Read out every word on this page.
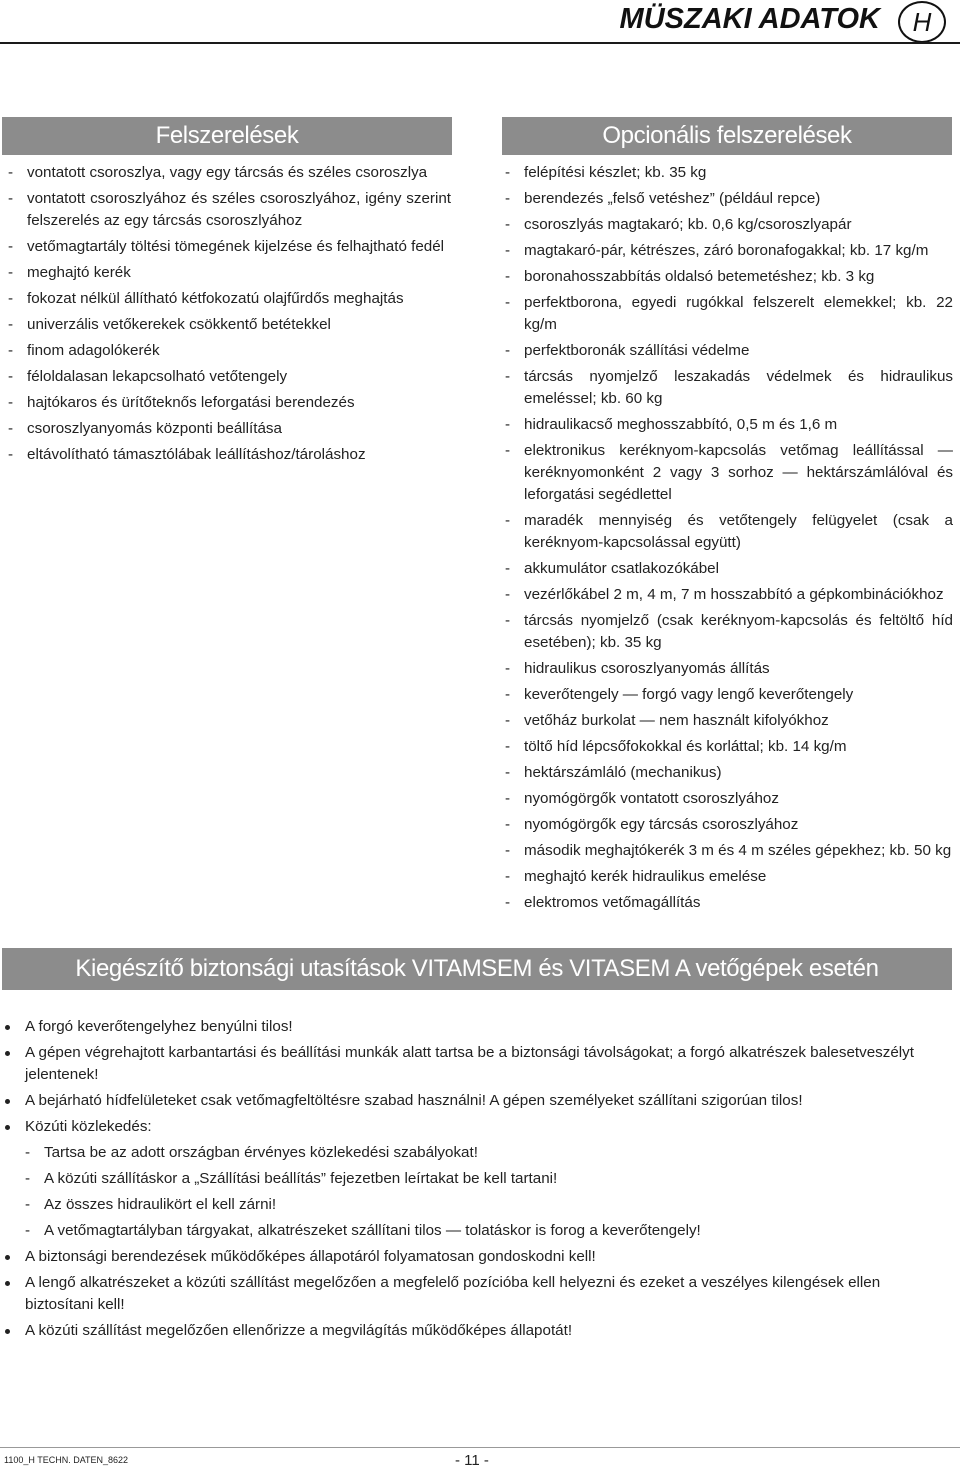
MÜSZAKI ADATOK	H
Felszerelések
- vontatott csoroszlya, vagy egy tárcsás és széles csoroszlya
- vontatott csoroszlyához és széles csoroszlyához, igény szerint felszerelés az egy tárcsás csoroszlyához
- vetőmagtartály töltési tömegének kijelzése és felhajtható fedél
- meghajtó kerék
- fokozat nélkül állítható kétfokozatú olajfűrdős meghajtás
- univerzális vetőkerekek csökkentő betétekkel
- finom adagolókerék
- féloldalasan lekapcsolható vetőtengely
- hajtókaros és ürítőteknős leforgatási berendezés
- csoroszlyanyomás központi beállítása
- eltávolítható támasztólábak leállításhoz/tároláshoz
Opcionális felszerelések
- felépítési készlet; kb. 35 kg
- berendezés „felső vetéshez” (például repce)
- csoroszlyás magtakaró; kb. 0,6 kg/csoroszlyapár
- magtakaró-pár, kétrészes, záró boronafogakkal; kb. 17 kg/m
- boronahosszabbítás oldalsó betemetéshez; kb. 3 kg
- perfektborona, egyedi rugókkal felszerelt elemekkel; kb. 22 kg/m
- perfektboronák szállítási védelme
- tárcsás nyomjelző leszakadás védelmek és hidraulikus emeléssel; kb. 60 kg
- hidraulikacső meghosszabbító, 0,5 m és 1,6 m
- elektronikus keréknyom-kapcsolás vetőmag leállítással — keréknyomonként 2 vagy 3 sorhoz — hektárszámlálóval és leforgatási segédlettel
- maradék mennyiség és vetőtengely felügyelet (csak a keréknyom-kapcsolással együtt)
- akkumulátor csatlakozókábel
- vezérlőkábel 2 m, 4 m, 7 m hosszabbító a gépkombinációkhoz
- tárcsás nyomjelző (csak keréknyom-kapcsolás és feltöltő híd esetében); kb. 35 kg
- hidraulikus csoroszlyanyomás állítás
- keverőtengely — forgó vagy lengő keverőtengely
- vetőház burkolat — nem használt kifolyókhoz
- töltő híd lépcsőfokokkal és korláttal; kb. 14 kg/m
- hektárszámláló (mechanikus)
- nyomógörgők vontatott csoroszlyához
- nyomógörgők egy tárcsás csoroszlyához
- második meghajtókerék 3 m és 4 m széles gépekhez; kb. 50 kg
- meghajtó kerék hidraulikus emelése
- elektromos vetőmagállítás
Kiegészítő biztonsági utasítások VITAMSEM és VITASEM A vetőgépek esetén
A forgó keverőtengelyhez benyúlni tilos!
A gépen végrehajtott karbantartási és beállítási munkák alatt tartsa be a biztonsági távolságokat; a forgó alkatrészek balesetveszélyt jelentenek!
A bejárható hídfelületeket csak vetőmagfeltöltésre szabad használni! A gépen személyeket szállítani szigorúan tilos!
Közúti közlekedés:
- Tartsa be az adott országban érvényes közlekedési szabályokat!
- A közúti szállításkor a „Szállítási beállítás” fejezetben leírtakat be kell tartani!
- Az összes hidraulikört el kell zárni!
- A vetőmagtartályban tárgyakat, alkatrészeket szállítani tilos — tolatáskor is forog a keverőtengely!
A biztonsági berendezések működőképes állapotáról folyamatosan gondoskodni kell!
A lengő alkatrészeket a közúti szállítást megelőzően a megfelelő pozícióba kell helyezni és ezeket a veszélyes kilengések ellen biztosítani kell!
A közúti szállítást megelőzően ellenőrizze a megvilágítás működőképes állapotát!
1100_H TECHN. DATEN_8622	- 11 -
